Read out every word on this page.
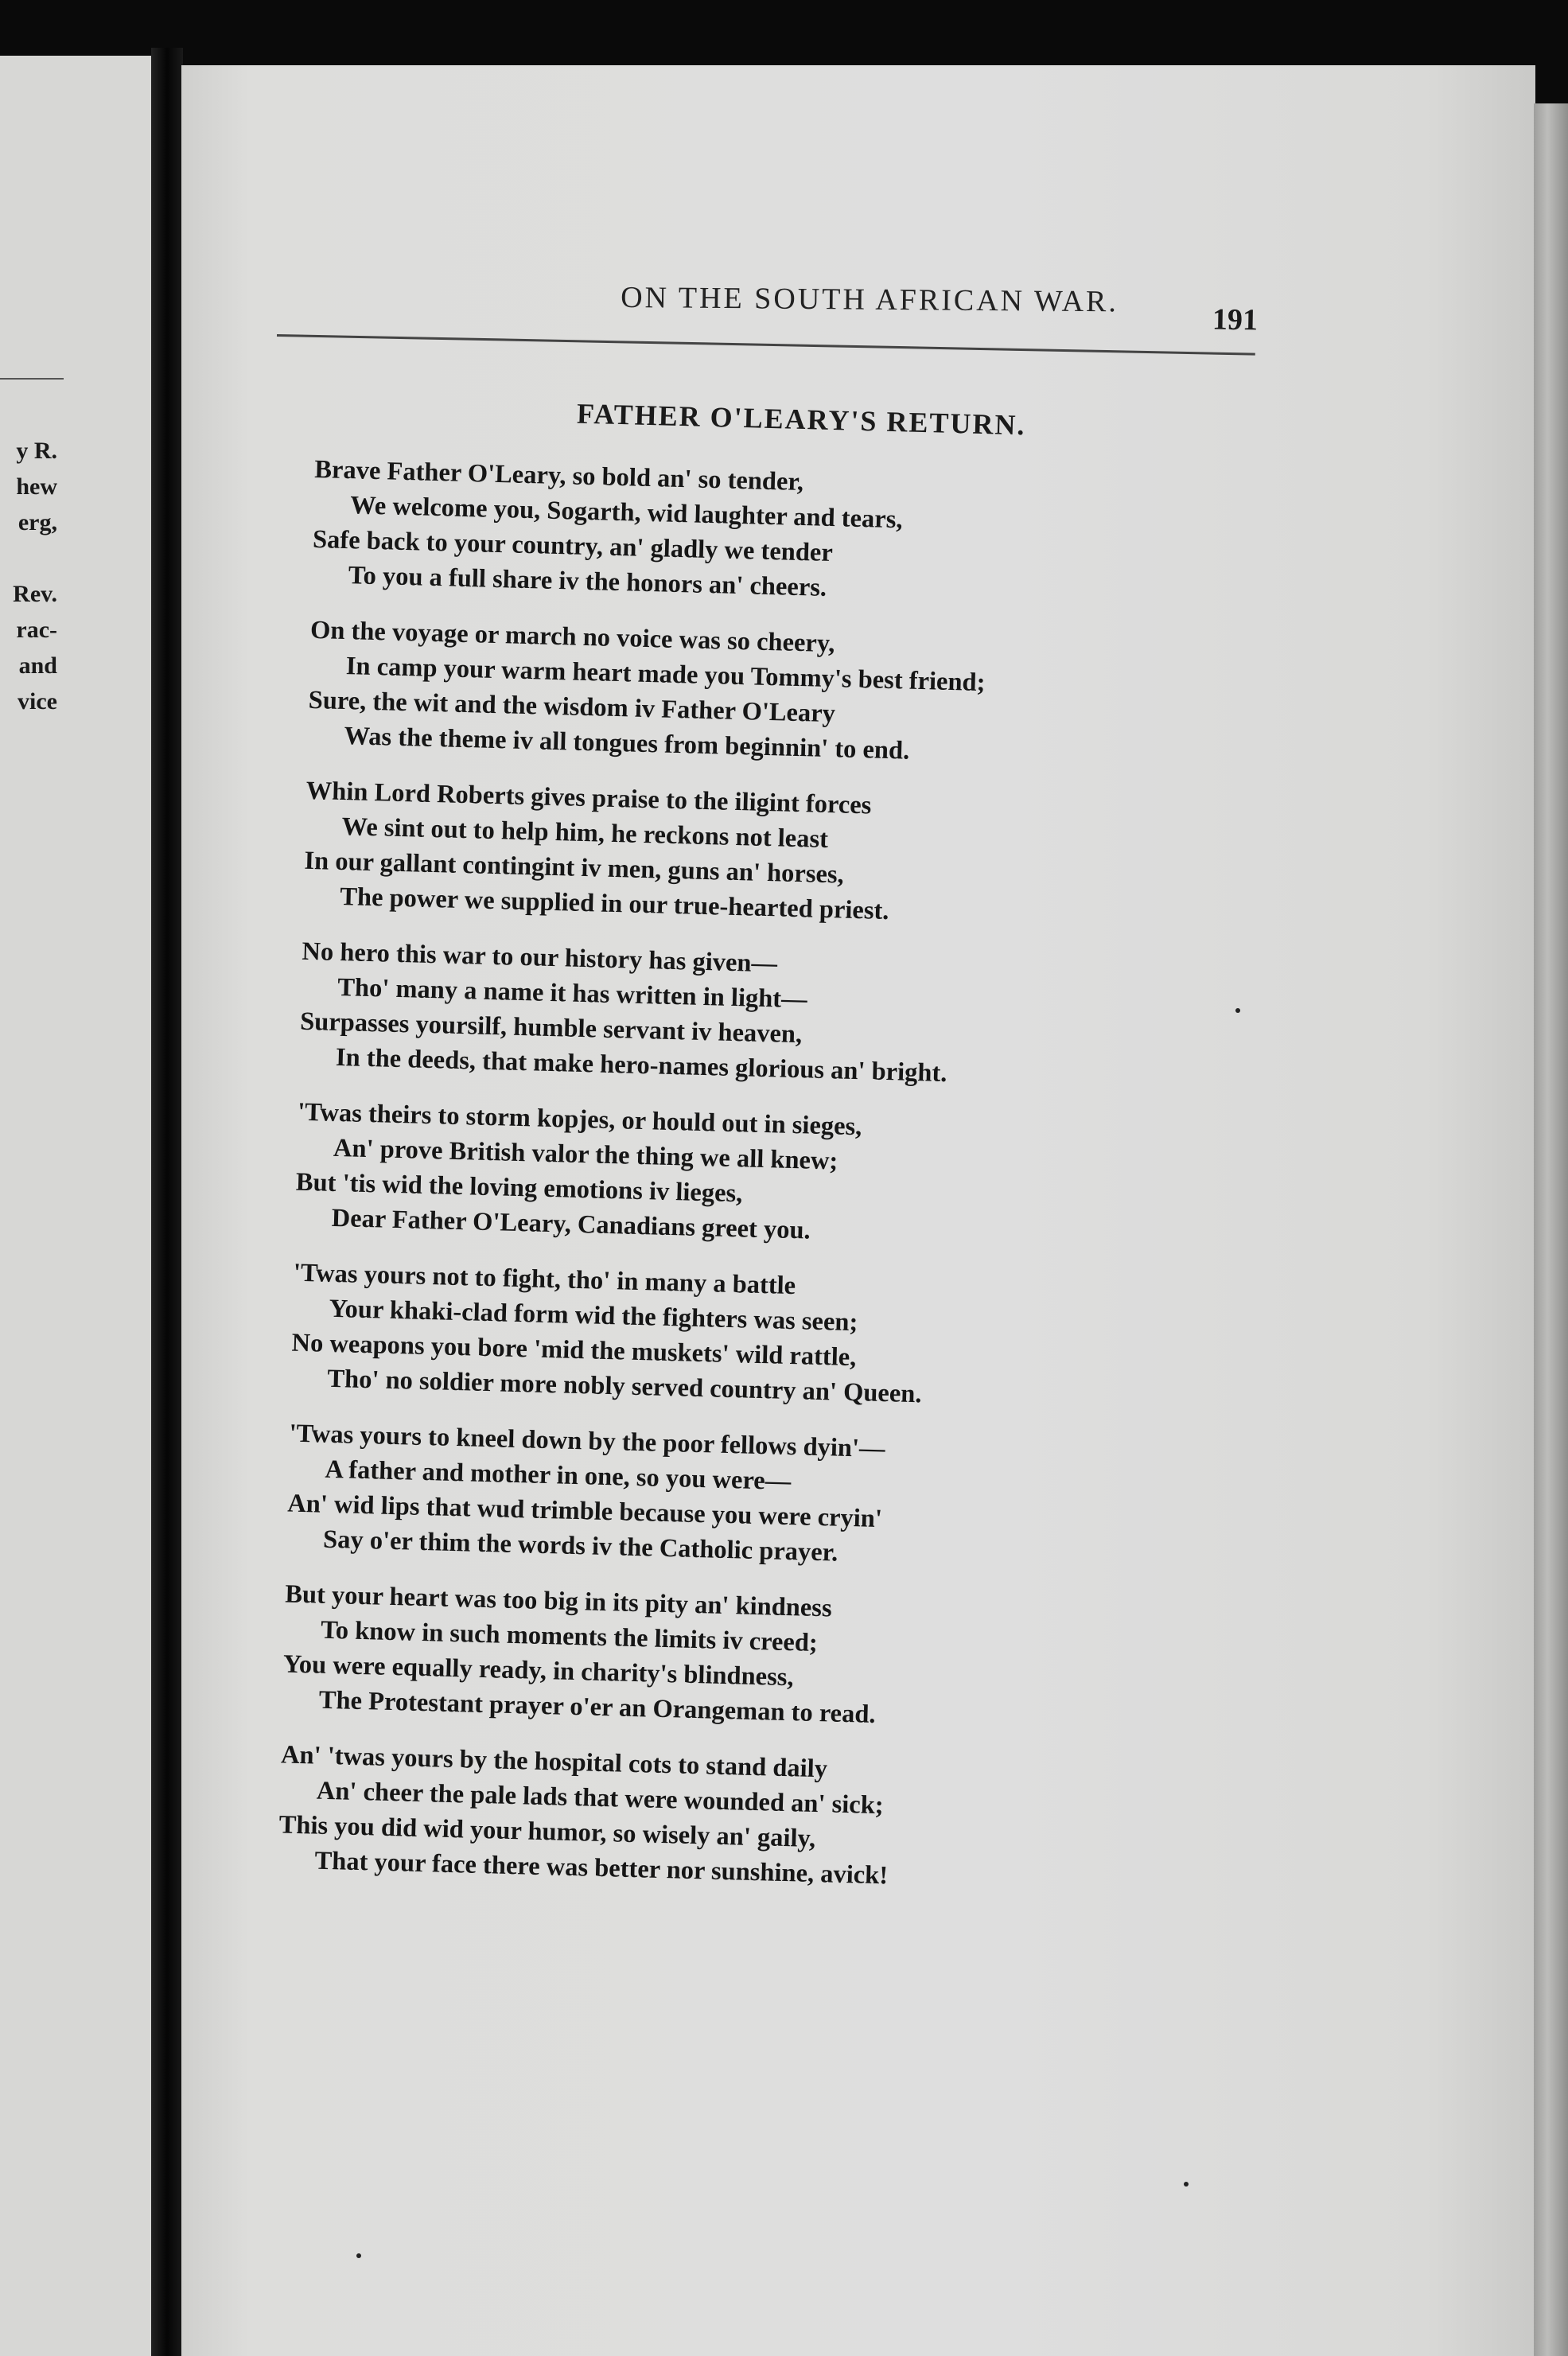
y R.
hew
erg,
Rev.
rac-
and
vice
ON THE SOUTH AFRICAN WAR.
191
FATHER O'LEARY'S RETURN.
Brave Father O'Leary, so bold an' so tender,
We welcome you, Sogarth, wid laughter and tears,
Safe back to your country, an' gladly we tender
To you a full share iv the honors an' cheers.
On the voyage or march no voice was so cheery,
In camp your warm heart made you Tommy's best friend;
Sure, the wit and the wisdom iv Father O'Leary
Was the theme iv all tongues from beginnin' to end.
Whin Lord Roberts gives praise to the iligint forces
We sint out to help him, he reckons not least
In our gallant contingint iv men, guns an' horses,
The power we supplied in our true-hearted priest.
No hero this war to our history has given—
Tho' many a name it has written in light—
Surpasses yoursilf, humble servant iv heaven,
In the deeds, that make hero-names glorious an' bright.
'Twas theirs to storm kopjes, or hould out in sieges,
An' prove British valor the thing we all knew;
But 'tis wid the loving emotions iv lieges,
Dear Father O'Leary, Canadians greet you.
'Twas yours not to fight, tho' in many a battle
Your khaki-clad form wid the fighters was seen;
No weapons you bore 'mid the muskets' wild rattle,
Tho' no soldier more nobly served country an' Queen.
'Twas yours to kneel down by the poor fellows dyin'—
A father and mother in one, so you were—
An' wid lips that wud trimble because you were cryin'
Say o'er thim the words iv the Catholic prayer.
But your heart was too big in its pity an' kindness
To know in such moments the limits iv creed;
You were equally ready, in charity's blindness,
The Protestant prayer o'er an Orangeman to read.
An' 'twas yours by the hospital cots to stand daily
An' cheer the pale lads that were wounded an' sick;
This you did wid your humor, so wisely an' gaily,
That your face there was better nor sunshine, avick!
